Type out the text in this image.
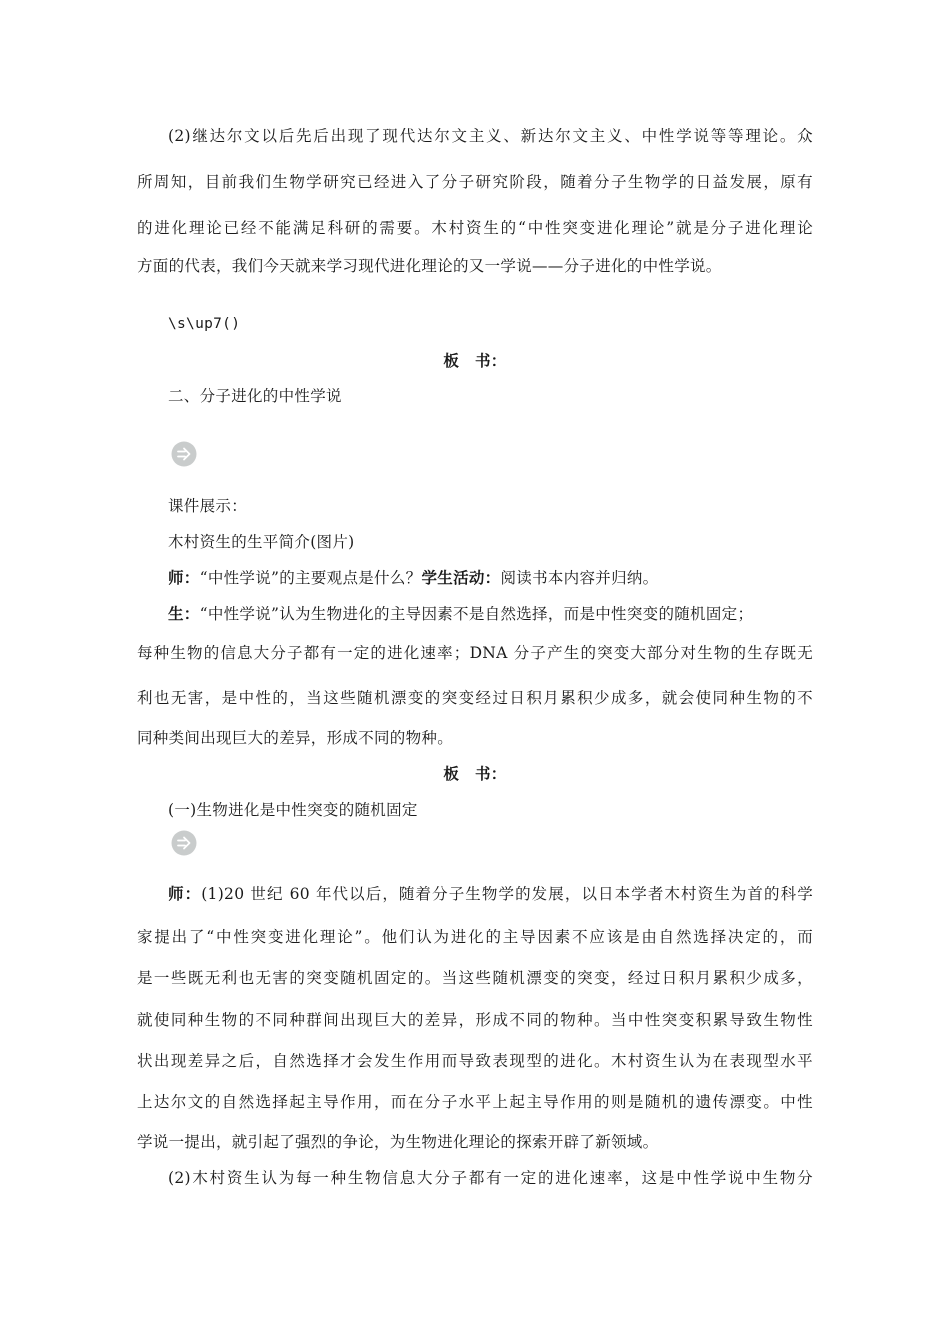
(2)继达尔文以后先后出现了现代达尔文主义、新达尔文主义、中性学说等等理论。众
所周知，目前我们生物学研究已经进入了分子研究阶段，随着分子生物学的日益发展，原有
的进化理论已经不能满足科研的需要。木村资生的“中性突变进化理论”就是分子进化理论
方面的代表，我们今天就来学习现代进化理论的又一学说——分子进化的中性学说。
\s\up7()
板　书：
二、分子进化的中性学说
课件展示：
木村资生的生平简介(图片)
师：“中性学说”的主要观点是什么？学生活动：阅读书本内容并归纳。
生：“中性学说”认为生物进化的主导因素不是自然选择，而是中性突变的随机固定；
每种生物的信息大分子都有一定的进化速率；DNA 分子产生的突变大部分对生物的生存既无
利也无害，是中性的，当这些随机漂变的突变经过日积月累积少成多，就会使同种生物的不
同种类间出现巨大的差异，形成不同的物种。
板　书：
(一)生物进化是中性突变的随机固定
师：(1)20 世纪 60 年代以后，随着分子生物学的发展，以日本学者木村资生为首的科学
家提出了“中性突变进化理论”。他们认为进化的主导因素不应该是由自然选择决定的，而
是一些既无利也无害的突变随机固定的。当这些随机漂变的突变，经过日积月累积少成多，
就使同种生物的不同种群间出现巨大的差异，形成不同的物种。当中性突变积累导致生物性
状出现差异之后，自然选择才会发生作用而导致表现型的进化。木村资生认为在表现型水平
上达尔文的自然选择起主导作用，而在分子水平上起主导作用的则是随机的遗传漂变。中性
学说一提出，就引起了强烈的争论，为生物进化理论的探索开辟了新领域。
(2)木村资生认为每一种生物信息大分子都有一定的进化速率，这是中性学说中生物分
